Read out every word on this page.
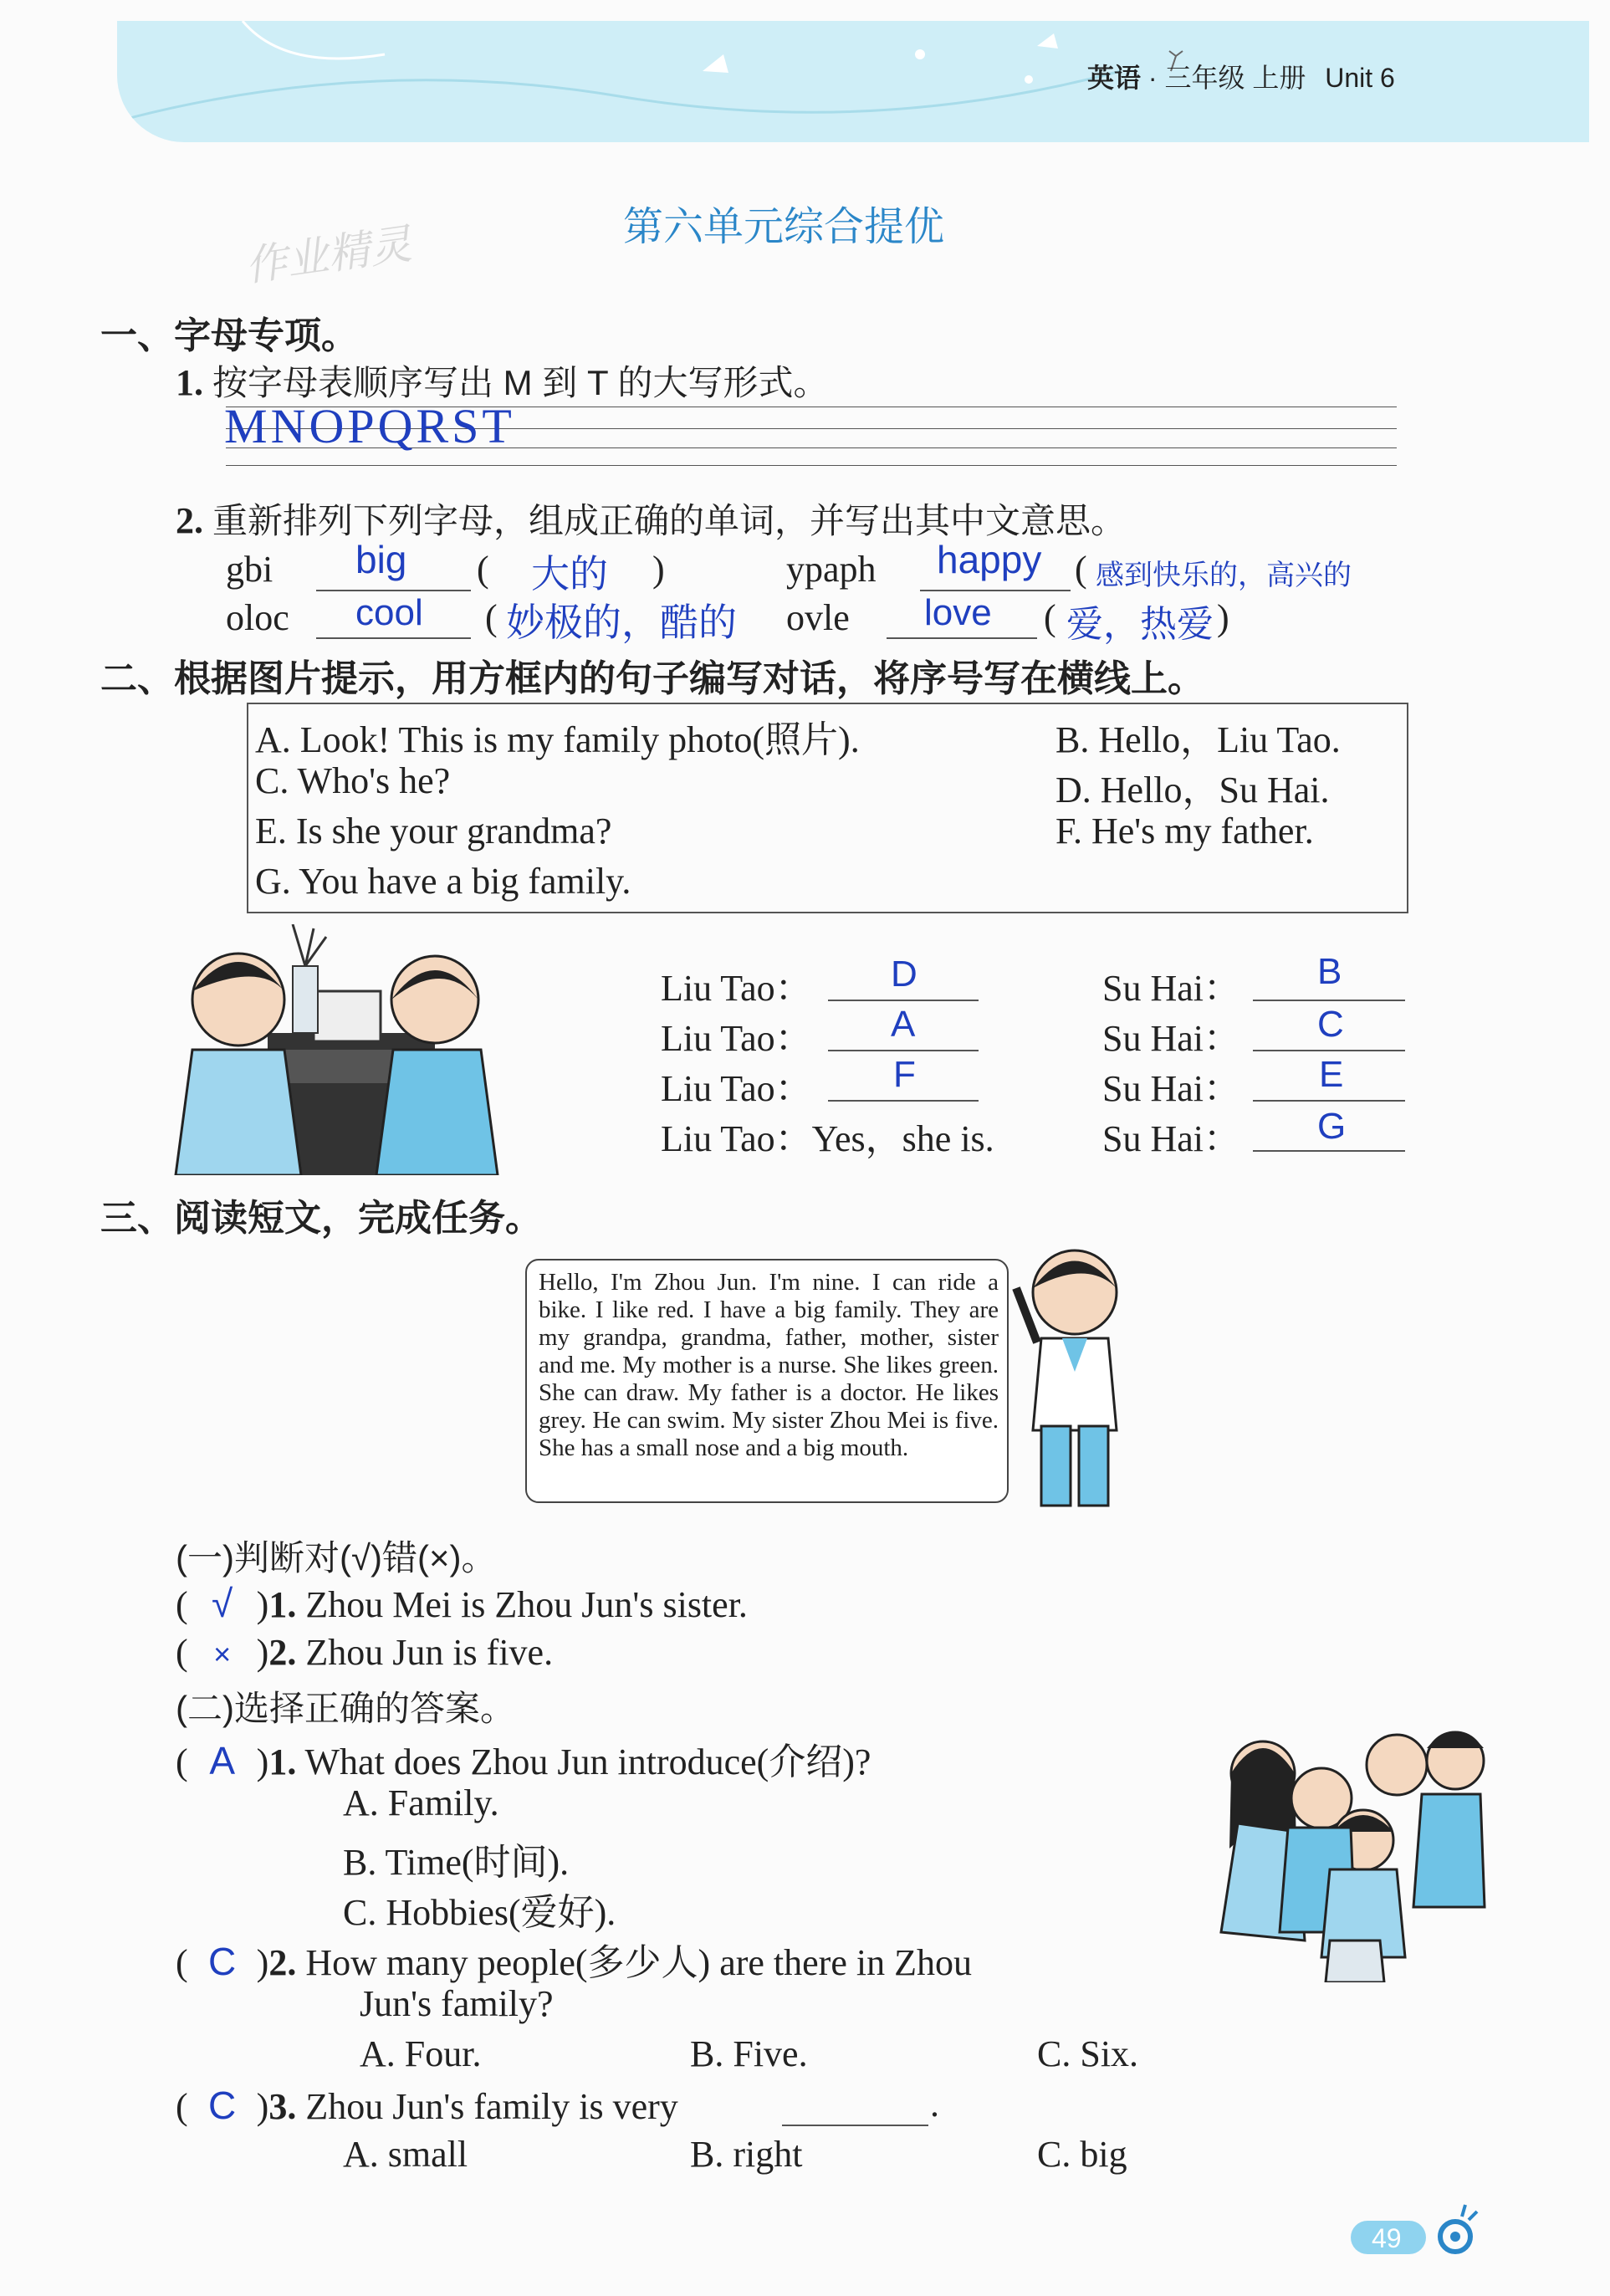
英语 · 三年级 上册 Unit 6
第六单元综合提优
作业精灵
一、字母专项。
1. 按字母表顺序写出 M 到 T 的大写形式。
MNOPQRST
2. 重新排列下列字母，组成正确的单词，并写出其中文意思。
gbi big ( 大的 )	ypaph happy ( 感到快乐的，高兴的
oloc cool ( 妙极的，酷的 ovle love ( 爱，热爱 )
二、根据图片提示，用方框内的句子编写对话，将序号写在横线上。
A. Look! This is my family photo(照片).	B. Hello，Liu Tao.
C. Who's he?	D. Hello，Su Hai.
E. Is she your grandma?	F. He's my father.
G. You have a big family.
Liu Tao： D	Su Hai： B
Liu Tao： A	Su Hai： C
Liu Tao： F	Su Hai： E
Liu Tao：Yes，she is.	Su Hai： G
三、阅读短文，完成任务。
Hello, I'm Zhou Jun. I'm nine. I can ride a bike. I like red. I have a big family. They are my grandpa, grandma, father, mother, sister and me. My mother is a nurse. She likes green. She can draw. My father is a doctor. He likes grey. He can swim. My sister Zhou Mei is five. She has a small nose and a big mouth.
(一)判断对(√)错(×)。
( √ )1. Zhou Mei is Zhou Jun's sister.
( × )2. Zhou Jun is five.
(二)选择正确的答案。
( A )1. What does Zhou Jun introduce(介绍)?
A. Family.
B. Time(时间).
C. Hobbies(爱好).
( C )2. How many people(多少人) are there in Zhou
Jun's family?
A. Four.	B. Five.	C. Six.
( C )3. Zhou Jun's family is very	.
A. small	B. right	C. big
49
